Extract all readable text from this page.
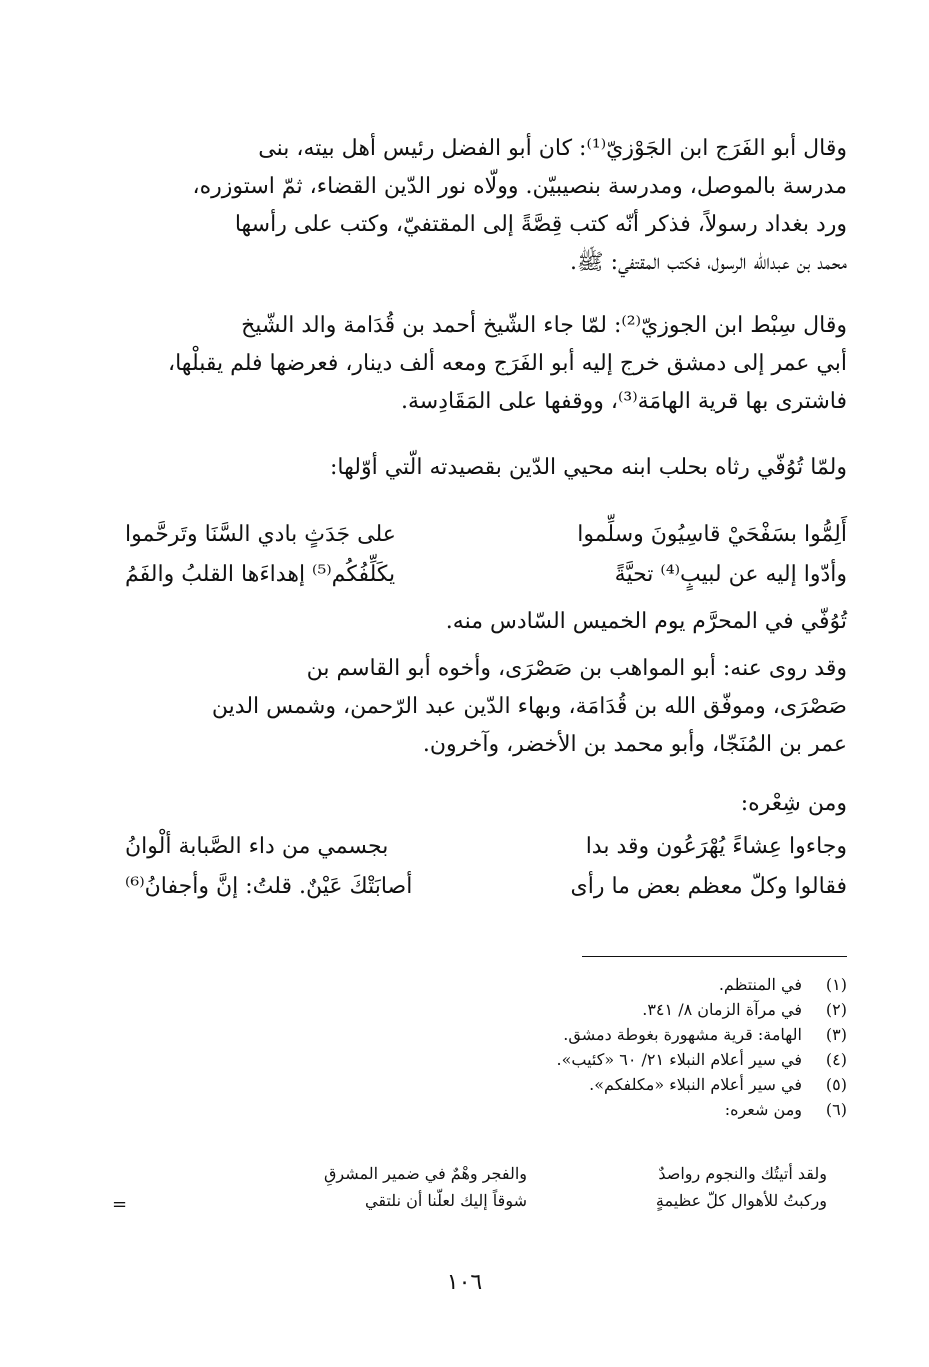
وقال أبو الفَرَج ابن الجَوْزيّ⁽¹⁾: كان أبو الفضل رئيس أهل بيته، بنى
مدرسة بالموصل، ومدرسة بنصيبيّن. وولّاه نور الدّين القضاء، ثمّ استوزره،
ورد بغداد رسولاً، فذكر أنّه كتب قِصَّةً إلى المقتفيّ، وكتب على رأسها
محمد بن عبدالله الرسول، فكتب المقتفي: ﷺ.
وقال سِبْط ابن الجوزيّ⁽²⁾: لمّا جاء الشّيخ أحمد بن قُدَامة والد الشّيخ
أبي عمر إلى دمشق خرج إليه أبو الفَرَج ومعه ألف دينار، فعرضها فلم يقبلْها،
فاشترى بها قرية الهامَة⁽³⁾، ووقفها على المَقَادِسة.
ولمّا تُوُفّي رثاه بحلب ابنه محيي الدّين بقصيدته الّتي أوّلها:
أَلِمُّوا بسَفْحَيْ قاسِيُونَ وسلِّموا
على جَدَثٍ بادي السَّنَا وتَرحَّموا
وأدّوا إليه عن لبيبٍ⁽⁴⁾ تحيَّةً
يكَلِّفُكُم⁽⁵⁾ إهداءَها القلبُ والفَمُ
تُوُفّي في المحرَّم يوم الخميس السّادس منه.
وقد روى عنه: أبو المواهب بن صَصْرَى، وأخوه أبو القاسم بن
صَصْرَى، وموفّق الله بن قُدَامَة، وبهاء الدّين عبد الرّحمن، وشمس الدين
عمر بن المُنَجّا، وأبو محمد بن الأخضر، وآخرون.
ومن شِعْره:
وجاءوا عِشاءً يُهْرَعُون وقد بدا
بجسمي من داء الصَّبابة ألْوانُ
فقالوا وكلّ معظم بعض ما رأى
أصابَتْكَ عَيْنٌ. قلتُ: إنَّ وأجفانُ⁽⁶⁾
(١)
في المنتظم.
(٢)
في مرآة الزمان ٨/ ٣٤١.
(٣)
الهامة: قرية مشهورة بغوطة دمشق.
(٤)
في سير أعلام النبلاء ٢١/ ٦٠ «كئيب».
(٥)
في سير أعلام النبلاء «مكلفكم».
(٦)
ومن شعره:
ولقد أتيتُك والنجوم رواصدٌ
والفجر وهْمٌ في ضمير المشرقِ
وركبتُ للأهوال كلّ عظيمةٍ
شوقاً إليك لعلّنا أن نلتقي
=
١٠٦
